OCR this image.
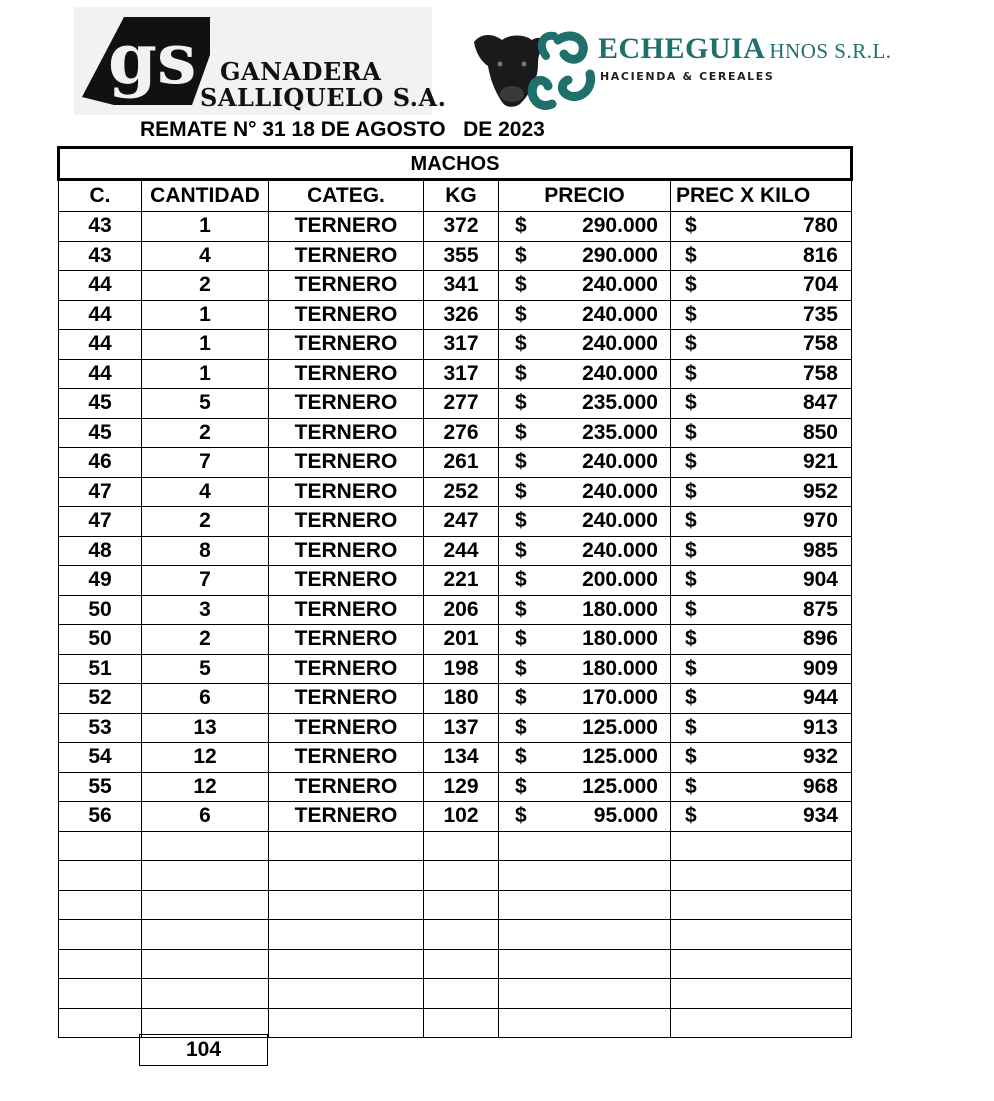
gs GANADERA
SALLIQUELO S.A.
ECHEGUIA HNOS S.R.L.
HACIENDA & CEREALES
REMATE N° 31 18 DE AGOSTO   DE 2023
MACHOS					
C.	CANTIDAD	CATEG.	KG	PRECIO	PREC X KILO
43	1	TERNERO	372	$ 290.000	$ 780

43	4	TERNERO	355	$ 290.000	$ 816

44	2	TERNERO	341	$ 240.000	$ 704

44	1	TERNERO	326	$ 240.000	$ 735

44	1	TERNERO	317	$ 240.000	$ 758

44	1	TERNERO	317	$ 240.000	$ 758

45	5	TERNERO	277	$ 235.000	$ 847

45	2	TERNERO	276	$ 235.000	$ 850

46	7	TERNERO	261	$ 240.000	$ 921

47	4	TERNERO	252	$ 240.000	$ 952

47	2	TERNERO	247	$ 240.000	$ 970

48	8	TERNERO	244	$ 240.000	$ 985

49	7	TERNERO	221	$ 200.000	$ 904

50	3	TERNERO	206	$ 180.000	$ 875

50	2	TERNERO	201	$ 180.000	$ 896

51	5	TERNERO	198	$ 180.000	$ 909

52	6	TERNERO	180	$ 170.000	$ 944

53	13	TERNERO	137	$ 125.000	$ 913

54	12	TERNERO	134	$ 125.000	$ 932

55	12	TERNERO	129	$ 125.000	$ 968

56	6	TERNERO	102	$ 95.000	$ 934

104
